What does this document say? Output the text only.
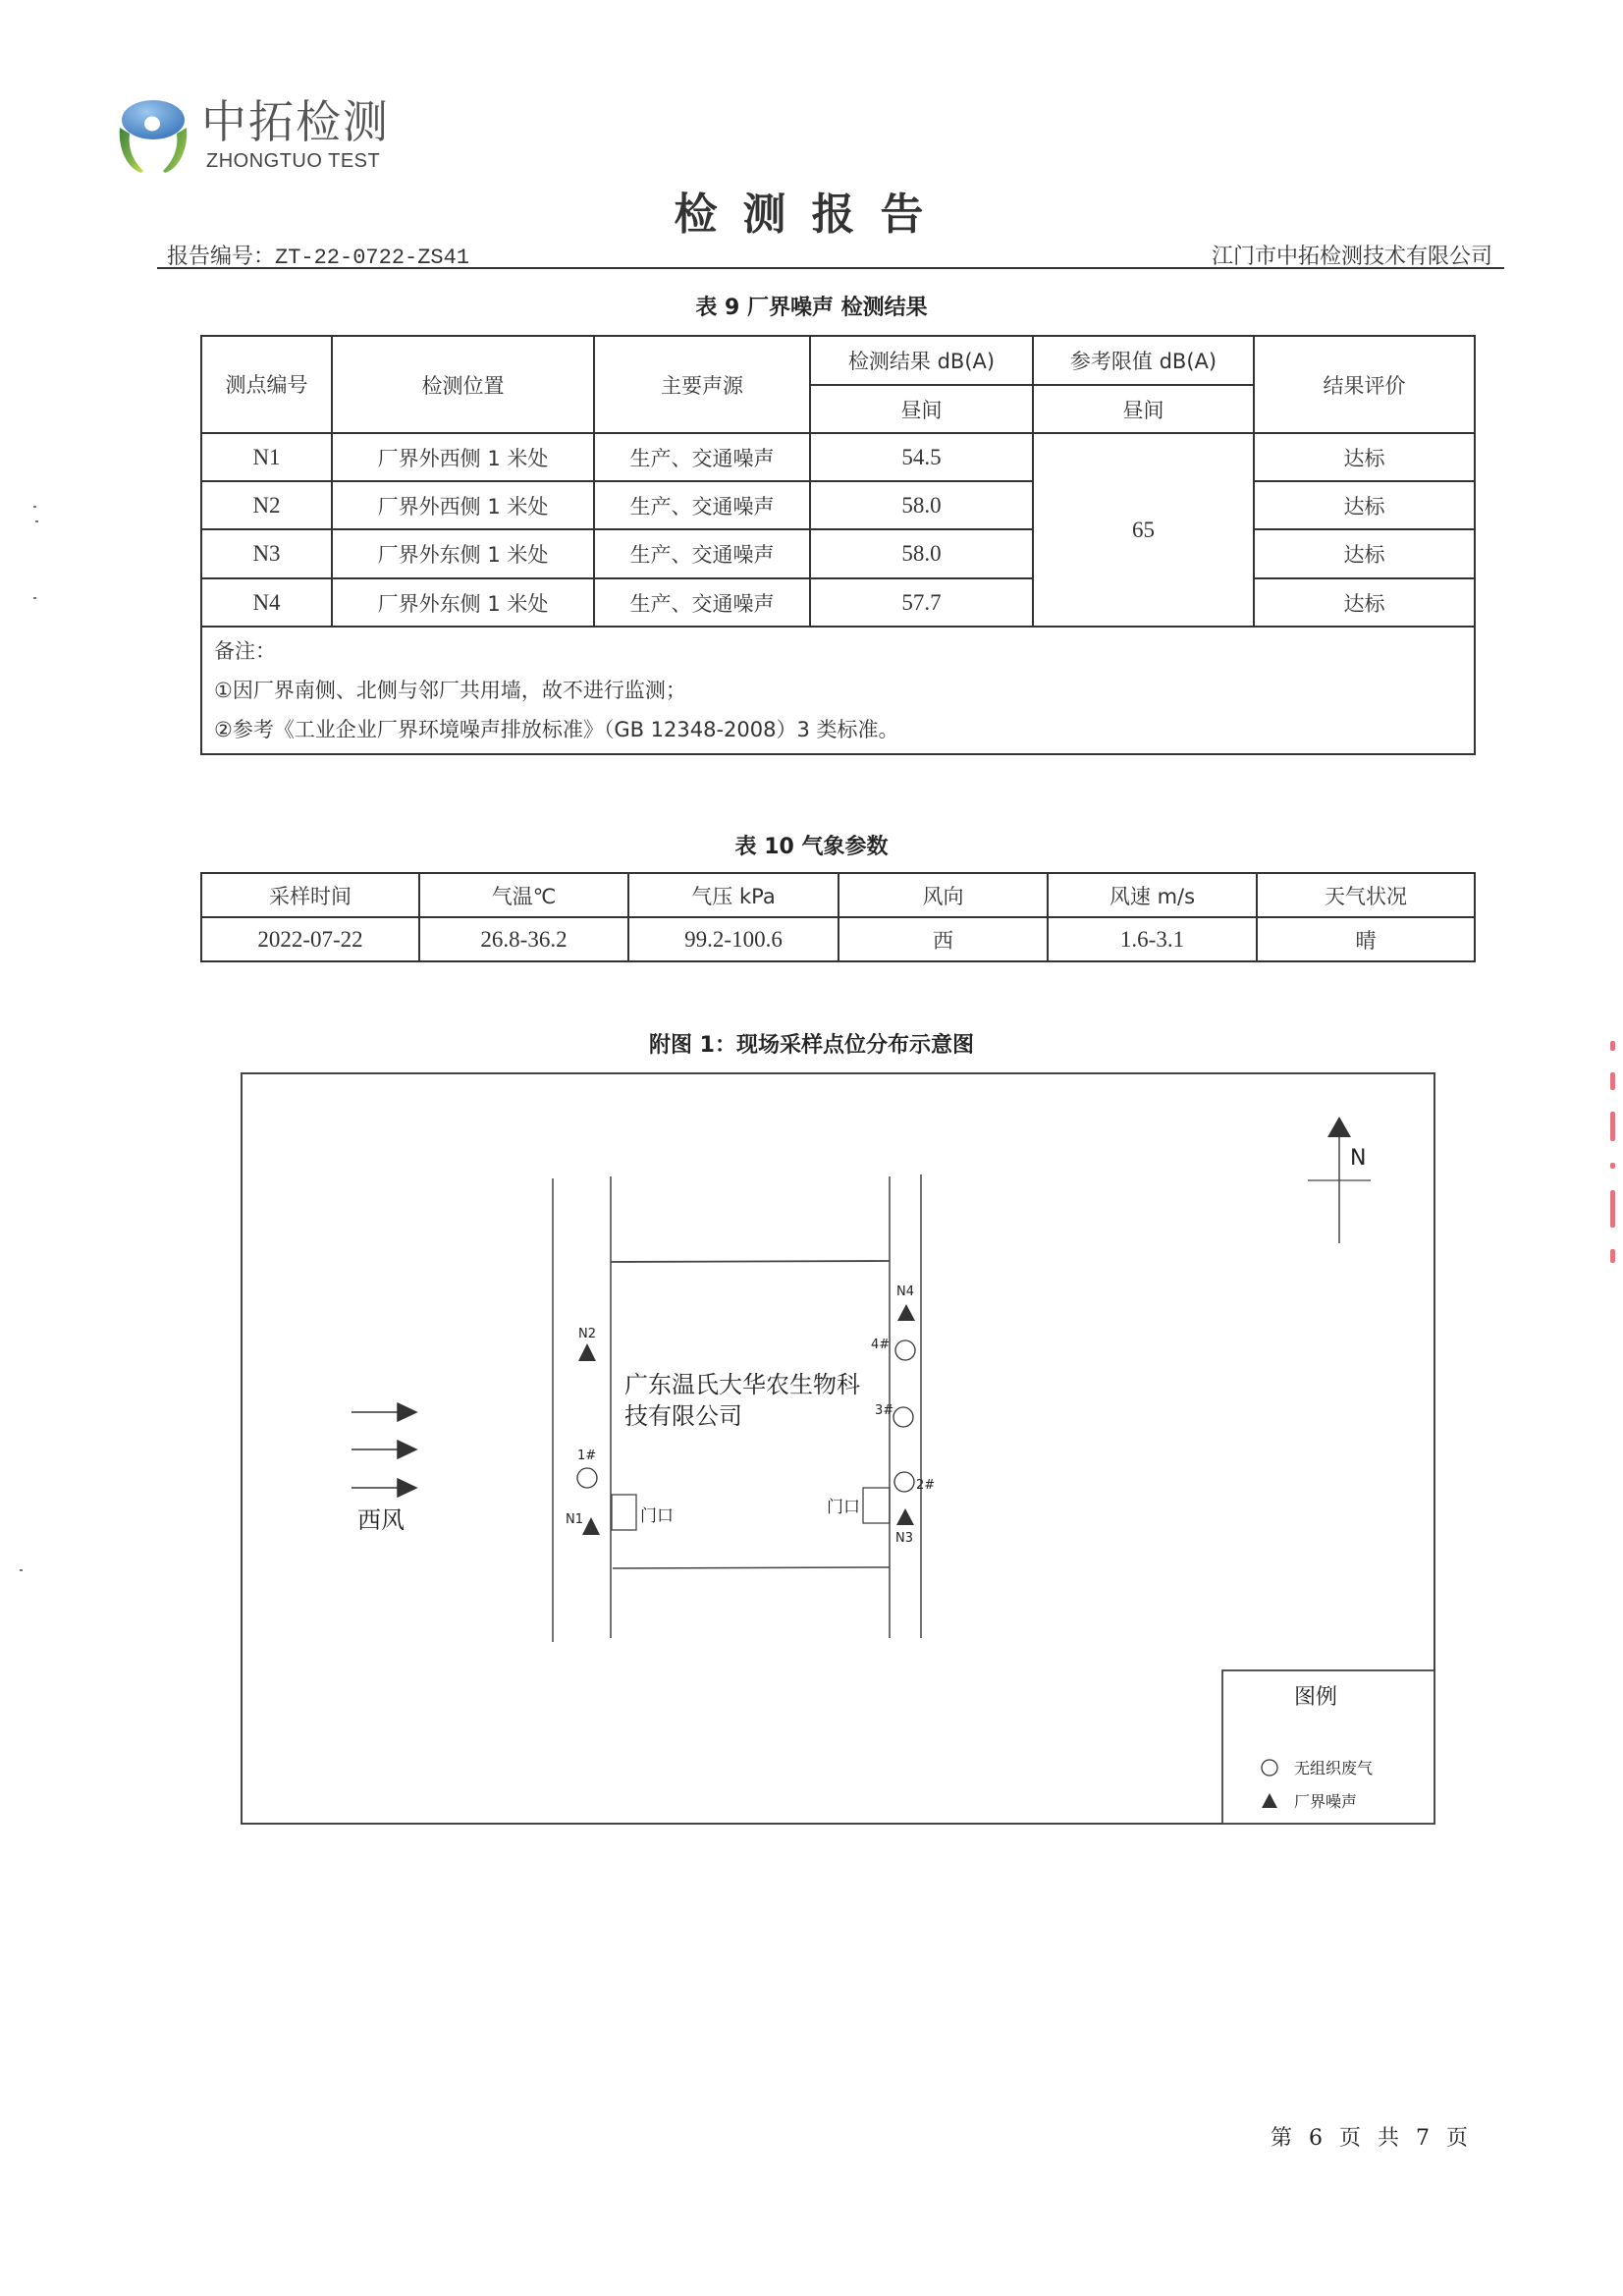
中拓检测
ZHONGTUO TEST
检测报告
报告编号：ZT-22-0722-ZS41	江门市中拓检测技术有限公司
表 9 厂界噪声 检测结果
测点编号	检测位置	主要声源	检测结果 dB(A)	参考限值 dB(A)	结果评价
			昼间	昼间	
N1	厂界外西侧 1 米处	生产、交通噪声	54.5	65	达标
N2	厂界外西侧 1 米处	生产、交通噪声	58.0		达标
N3	厂界外东侧 1 米处	生产、交通噪声	58.0		达标
N4	厂界外东侧 1 米处	生产、交通噪声	57.7		达标

备注：
①因厂界南侧、北侧与邻厂共用墙，故不进行监测；
②参考《工业企业厂界环境噪声排放标准》（GB 12348-2008）3 类标准。					
表 10 气象参数
采样时间	气温℃	气压 kPa	风向	风速 m/s	天气状况
2022-07-22	26.8-36.2	99.2-100.6	西	1.6-3.1	晴
附图 1：现场采样点位分布示意图
N
西风
广东温氏大华农生物科
技有限公司
门口	门口
N2
N1
N4
N3
1#
4#
3#
2#
图例
无组织废气
厂界噪声
第 6 页 共 7 页
